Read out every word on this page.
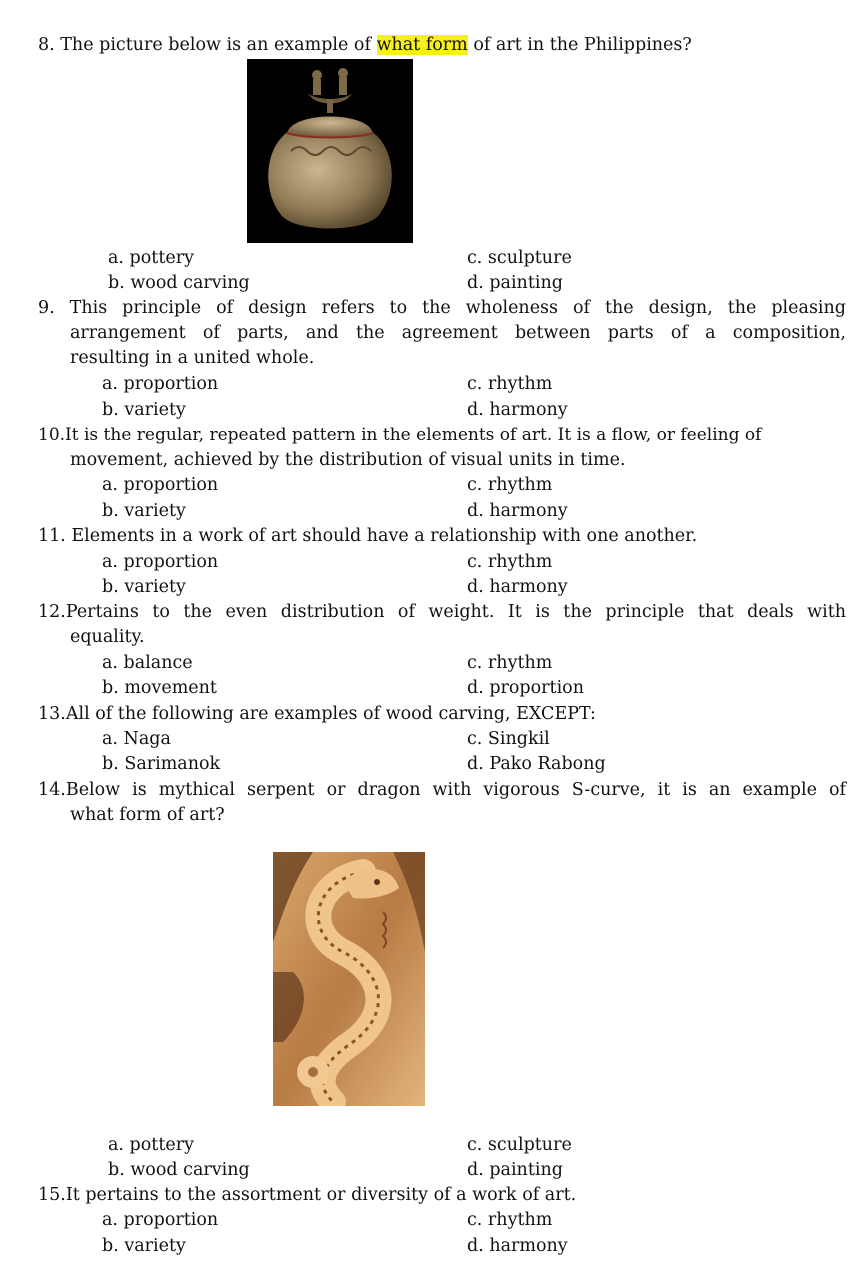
8. The picture below is an example of what form of art in the Philippines?
a. pottery	c. sculpture
b. wood carving	d. painting
9. This principle of design refers to the wholeness of the design, the pleasing
arrangement of parts, and the agreement between parts of a composition,
resulting in a united whole.
a. proportion	c. rhythm
b. variety	d. harmony
10.It is the regular, repeated pattern in the elements of art. It is a flow, or feeling of
movement, achieved by the distribution of visual units in time.
a. proportion	c. rhythm
b. variety	d. harmony
11. Elements in a work of art should have a relationship with one another.
a. proportion	c. rhythm
b. variety	d. harmony
12.Pertains to the even distribution of weight. It is the principle that deals with
equality.
a. balance	c. rhythm
b. movement	d. proportion
13.All of the following are examples of wood carving, EXCEPT:
a. Naga	c. Singkil
b. Sarimanok	d. Pako Rabong
14.Below is mythical serpent or dragon with vigorous S-curve, it is an example of
what form of art?
a. pottery	c. sculpture
b. wood carving	d. painting
15.It pertains to the assortment or diversity of a work of art.
a. proportion	c. rhythm
b. variety	d. harmony
